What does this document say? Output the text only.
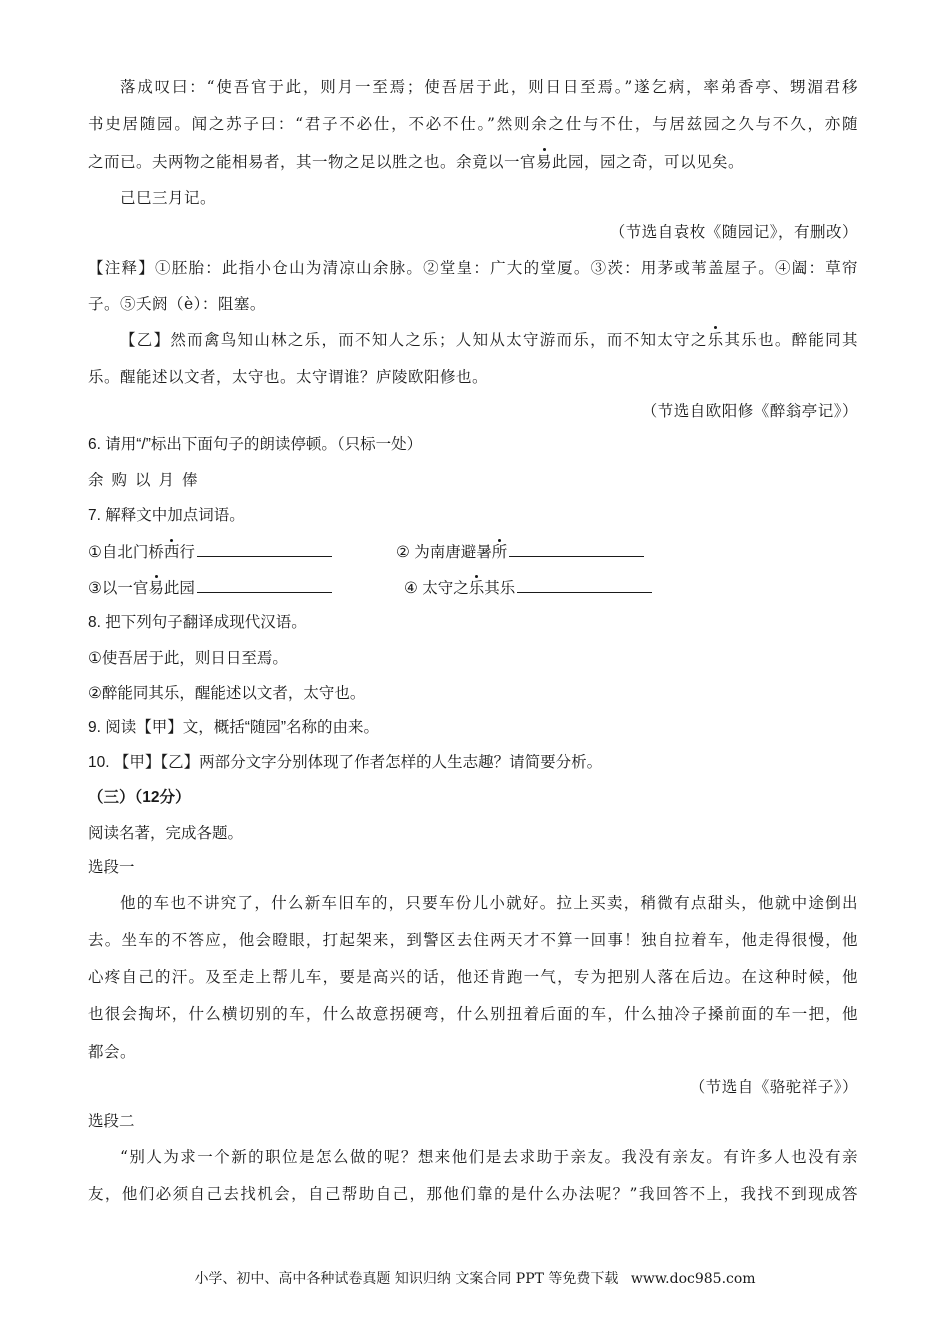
落成叹曰：“使吾官于此，则月一至焉；使吾居于此，则日日至焉。”遂乞病，率弟香亭、甥湄君移
书史居随园。闻之苏子曰：“君子不必仕，不必不仕。”然则余之仕与不仕，与居兹园之久与不久，亦随
之而已。夫两物之能相易者，其一物之足以胜之也。余竟以一官易此园，园之奇，可以见矣。
己巳三月记。
（节选自袁枚《随园记》，有删改）
【注释】①胚胎：此指小仓山为清凉山余脉。②堂皇：广大的堂厦。③茨：用茅或苇盖屋子。④阖：草帘
子。⑤夭阏（è）：阻塞。
【乙】然而禽鸟知山林之乐，而不知人之乐；人知从太守游而乐，而不知太守之乐其乐也。醉能同其
乐。醒能述以文者，太守也。太守谓谁？庐陵欧阳修也。
（节选自欧阳修《醉翁亭记》）
6. 请用“/”标出下面句子的朗读停顿。（只标一处）
余购以月俸
7. 解释文中加点词语。
①自北门桥西行	② 为南唐避暑所
③以一官易此园	④ 太守之乐其乐
8. 把下列句子翻译成现代汉语。
①使吾居于此，则日日至焉。
②醉能同其乐，醒能述以文者，太守也。
9. 阅读【甲】文，概括“随园”名称的由来。
10. 【甲】【乙】两部分文字分别体现了作者怎样的人生志趣？请简要分析。
（三）（12分）
阅读名著，完成各题。
选段一
他的车也不讲究了，什么新车旧车的，只要车份儿小就好。拉上买卖，稍微有点甜头，他就中途倒出
去。坐车的不答应，他会瞪眼，打起架来，到警区去住两天才不算一回事！独自拉着车，他走得很慢，他
心疼自己的汗。及至走上帮儿车，要是高兴的话，他还肯跑一气，专为把别人落在后边。在这种时候，他
也很会掏坏，什么横切别的车，什么故意拐硬弯，什么别扭着后面的车，什么抽冷子搡前面的车一把，他
都会。
（节选自《骆驼祥子》）
选段二
“别人为求一个新的职位是怎么做的呢？想来他们是去求助于亲友。我没有亲友。有许多人也没有亲
友，他们必须自己去找机会，自己帮助自己，那他们靠的是什么办法呢？”我回答不上，我找不到现成答
小学、初中、高中各种试卷真题 知识归纳 文案合同 PPT 等免费下载 www.doc985.com
